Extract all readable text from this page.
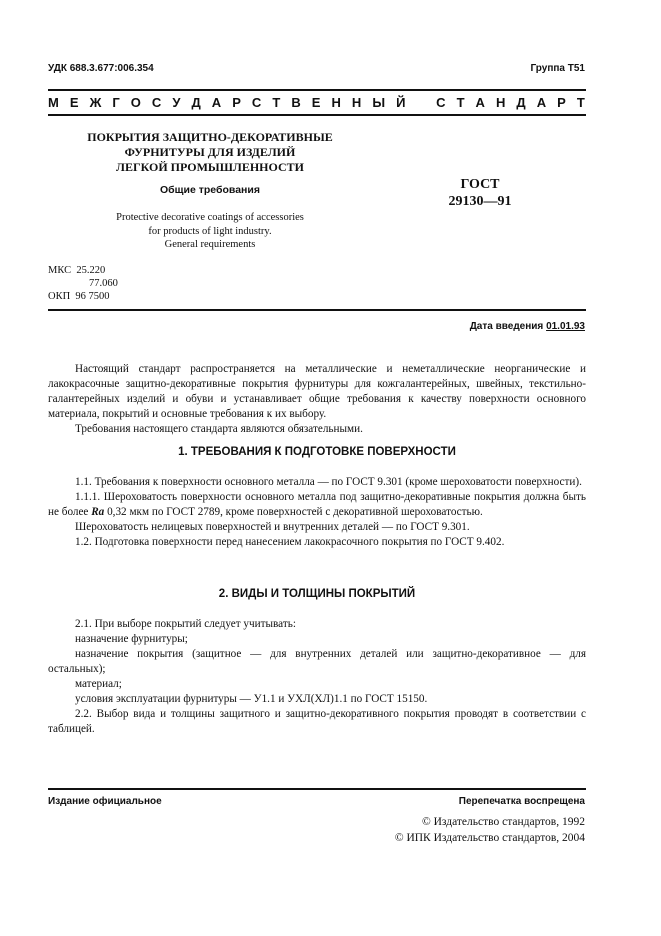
УДК 688.3.677:006.354	Группа Т51
М Е Ж Г О С У Д А Р С Т В Е Н Н Ы Й   С Т А Н Д А Р Т
ПОКРЫТИЯ ЗАЩИТНО-ДЕКОРАТИВНЫЕ
ФУРНИТУРЫ ДЛЯ ИЗДЕЛИЙ
ЛЕГКОЙ ПРОМЫШЛЕННОСТИ
Общие требования
Protective decorative coatings of accessories
for products of light industry.
General requirements
ГОСТ
29130—91
МКС 25.220
77.060
ОКП 96 7500
Дата введения 01.01.93

Настоящий стандарт распространяется на металлические и неметаллические неорганические и лакокрасочные защитно-декоративные покрытия фурнитуры для кожгалантерейных, швейных, текстильно-галантерейных изделий и обуви и устанавливает общие требования к качеству поверхности основного материала, покрытий и основные требования к их выбору.

Требования настоящего стандарта являются обязательными.

1. ТРЕБОВАНИЯ К ПОДГОТОВКЕ ПОВЕРХНОСТИ

1.1. Требования к поверхности основного металла — по ГОСТ 9.301 (кроме шероховатости поверхности).

1.1.1. Шероховатость поверхности основного металла под защитно-декоративные покрытия должна быть не более Ra 0,32 мкм по ГОСТ 2789, кроме поверхностей с декоративной шероховатостью.

Шероховатость нелицевых поверхностей и внутренних деталей — по ГОСТ 9.301.

1.2. Подготовка поверхности перед нанесением лакокрасочного покрытия по ГОСТ 9.402.

2. ВИДЫ И ТОЛЩИНЫ ПОКРЫТИЙ

2.1. При выборе покрытий следует учитывать:

назначение фурнитуры;

назначение покрытия (защитное — для внутренних деталей или защитно-декоративное — для остальных);

материал;

условия эксплуатации фурнитуры — У1.1 и УХЛ(ХЛ)1.1 по ГОСТ 15150.

2.2. Выбор вида и толщины защитного и защитно-декоративного покрытия проводят в соответствии с таблицей.

Издание официальное	Перепечатка воспрещена
© Издательство стандартов, 1992
© ИПК Издательство стандартов, 2004
